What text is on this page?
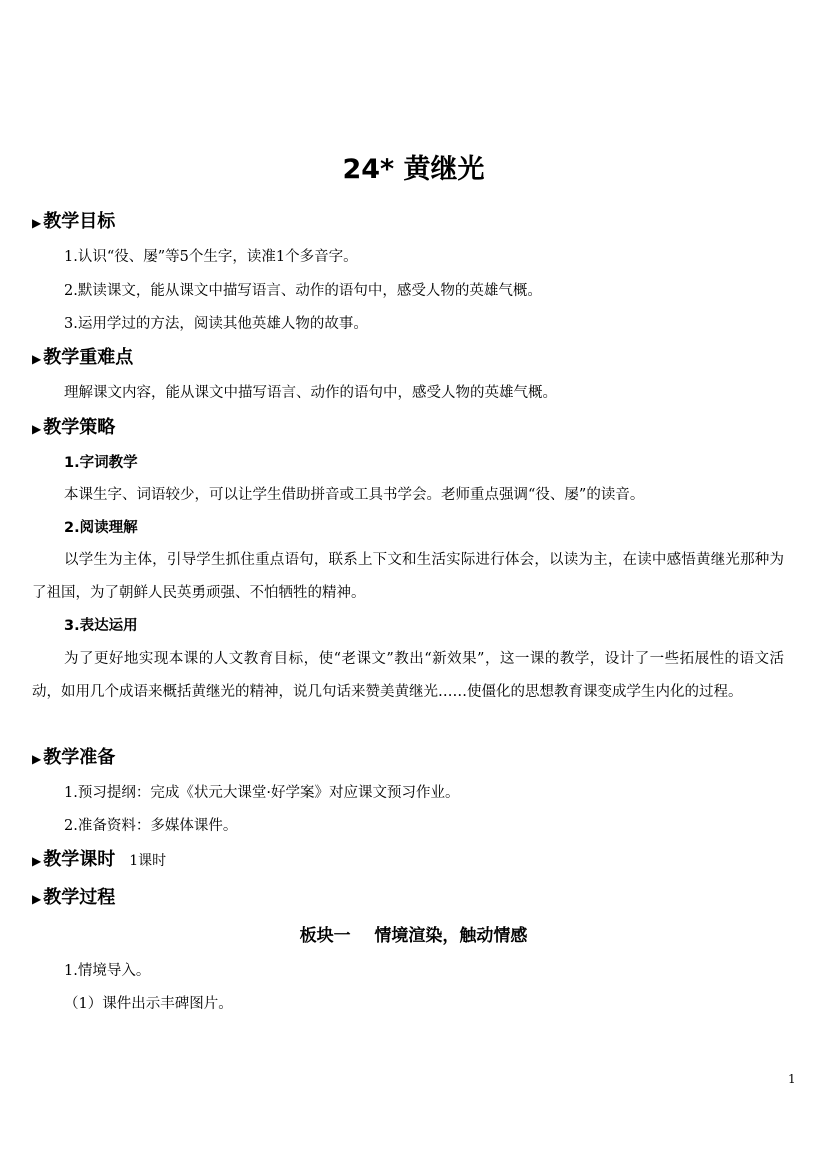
24* 黄继光
▶ 教学目标
1.认识“役、屡”等5个生字，读准1个多音字。
2.默读课文，能从课文中描写语言、动作的语句中，感受人物的英雄气概。
3.运用学过的方法，阅读其他英雄人物的故事。
▶ 教学重难点
理解课文内容，能从课文中描写语言、动作的语句中，感受人物的英雄气概。
▶ 教学策略
1.字词教学
本课生字、词语较少，可以让学生借助拼音或工具书学会。老师重点强调“役、屡”的读音。
2.阅读理解
以学生为主体，引导学生抓住重点语句，联系上下文和生活实际进行体会，以读为主，在读中感悟黄继光那种为了祖国，为了朝鲜人民英勇顽强、不怕牺牲的精神。
3.表达运用
为了更好地实现本课的人文教育目标，使“老课文”教出“新效果”，这一课的教学，设计了一些拓展性的语文活动，如用几个成语来概括黄继光的精神，说几句话来赞美黄继光……使僵化的思想教育课变成学生内化的过程。
▶ 教学准备
1.预习提纲：完成《状元大课堂·好学案》对应课文预习作业。
2.准备资料：多媒体课件。
▶ 教学课时 1课时
▶ 教学过程
板块一    情境渲染，触动情感
1.情境导入。
（1）课件出示丰碑图片。
1
